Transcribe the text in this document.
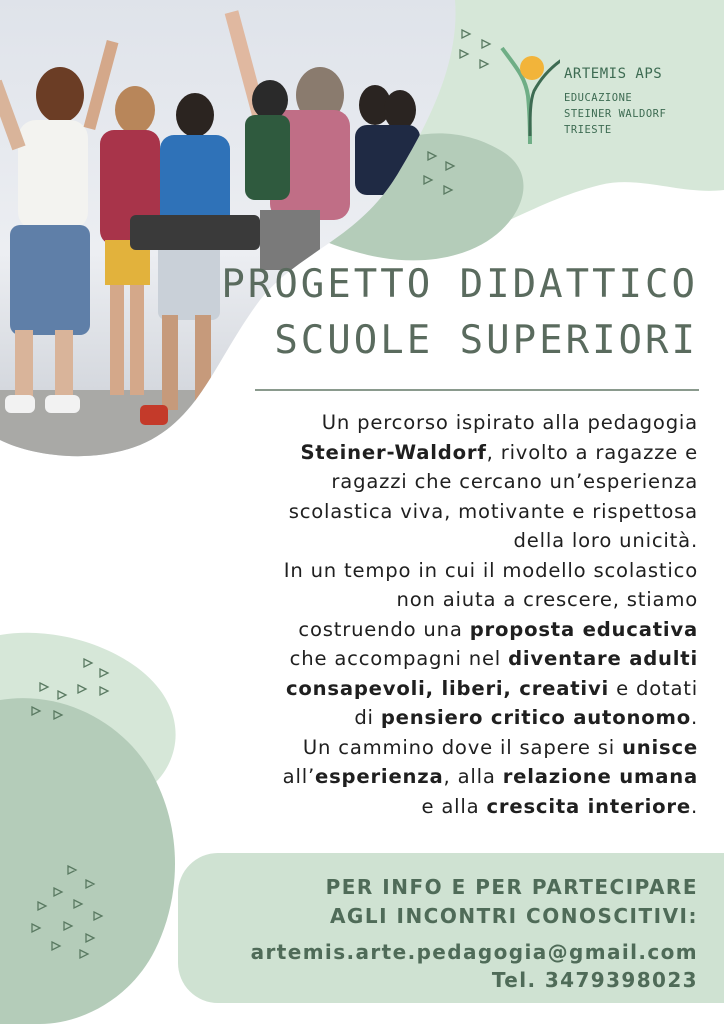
ARTEMIS APS
EDUCAZIONE
STEINER WALDORF
TRIESTE
PROGETTO DIDATTICO
SCUOLE SUPERIORI
Un percorso ispirato alla pedagogia
Steiner-Waldorf, rivolto a ragazze e
ragazzi che cercano un’esperienza
scolastica viva, motivante e rispettosa
della loro unicità.
In un tempo in cui il modello scolastico
non aiuta a crescere, stiamo
costruendo una proposta educativa
che accompagni nel diventare adulti
consapevoli, liberi, creativi e dotati
di pensiero critico autonomo.
Un cammino dove il sapere si unisce
all’esperienza, alla relazione umana
e alla crescita interiore.
PER INFO E PER PARTECIPARE
AGLI INCONTRI CONOSCITIVI:
artemis.arte.pedagogia@gmail.com
Tel. 3479398023
